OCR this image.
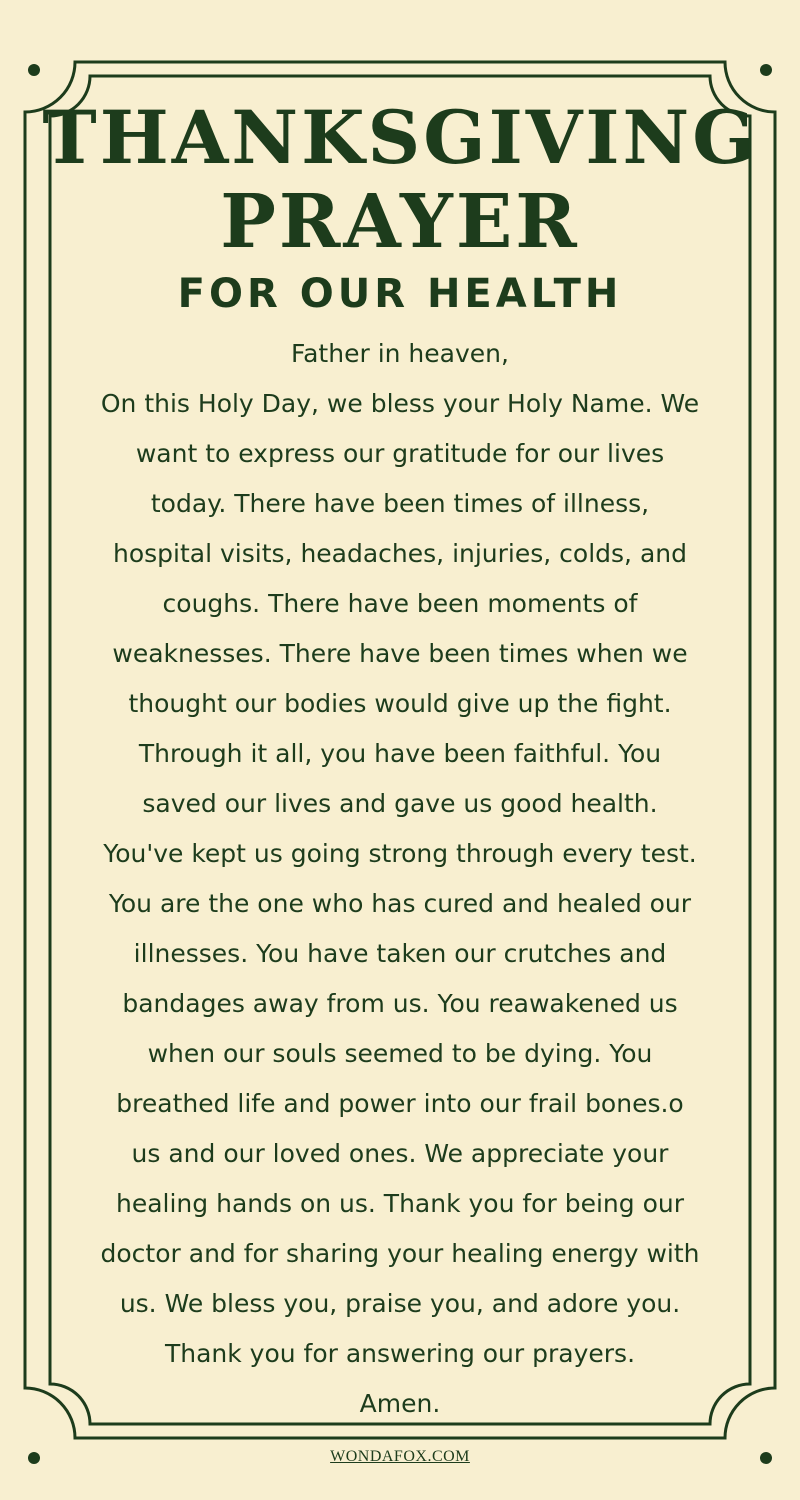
THANKSGIVING
PRAYER
FOR OUR HEALTH

Father in heaven,

On this Holy Day, we bless your Holy Name. We

want to express our gratitude for our lives

today. There have been times of illness,

hospital visits, headaches, injuries, colds, and

coughs. There have been moments of

weaknesses. There have been times when we

thought our bodies would give up the fight.

Through it all, you have been faithful. You

saved our lives and gave us good health.

You've kept us going strong through every test.

You are the one who has cured and healed our

illnesses. You have taken our crutches and

bandages away from us. You reawakened us

when our souls seemed to be dying. You

breathed life and power into our frail bones.o

us and our loved ones. We appreciate your

healing hands on us. Thank you for being our

doctor and for sharing your healing energy with

us. We bless you, praise you, and adore you.

Thank you for answering our prayers.

Amen.

WONDAFOX.COM
